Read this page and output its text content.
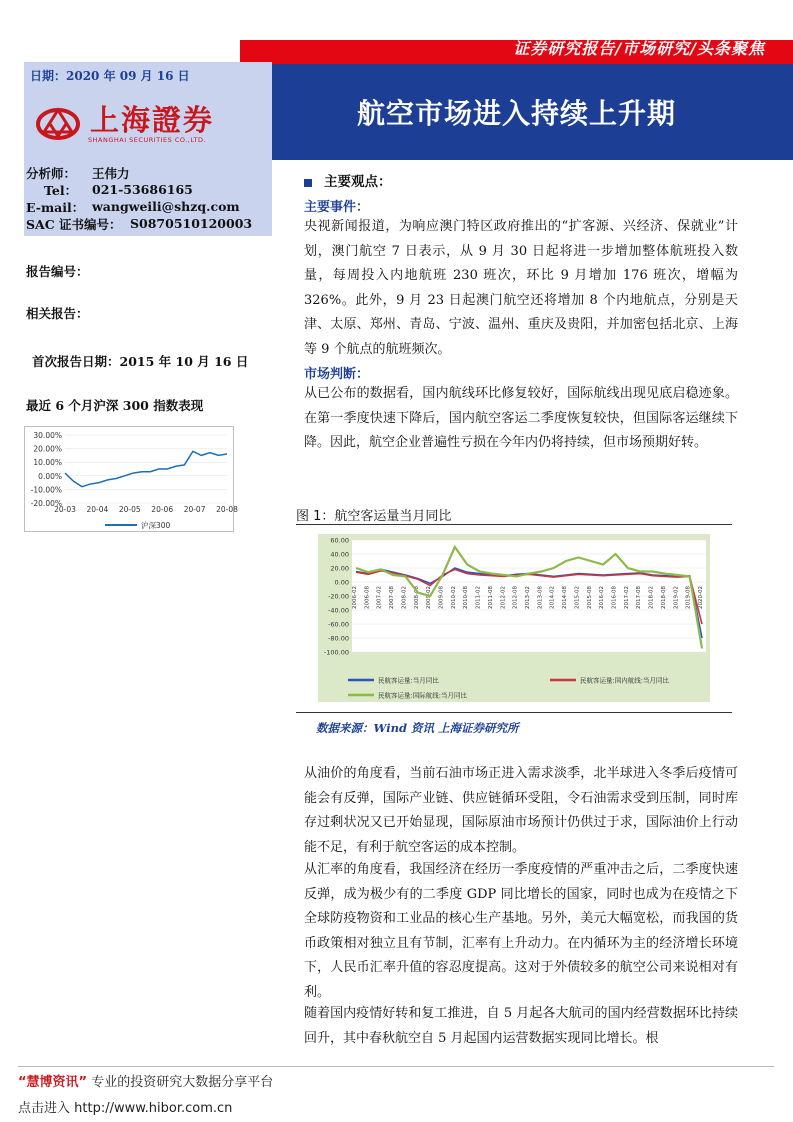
证券研究报告/市场研究/头条聚焦
航空市场进入持续上升期
日期：2020 年 09 月 16 日
上海證券
SHANGHAI SECURITIES CO.,LTD.
分析师：	王伟力
Tel：	021-53686165
E-mail： wangweili@shzq.com
SAC 证书编号： S0870510120003
报告编号：
相关报告：
首次报告日期：2015 年 10 月 16 日
最近 6 个月沪深 300 指数表现
30.00%
20.00%
10.00%
0.00%
-10.00%
-20.00%
20-03 20-04 20-05 20-06 20-07 20-08
沪深300
主要观点：
主要事件：
央视新闻报道，为响应澳门特区政府推出的“扩客源、兴经济、保就业”计划，澳门航空 7 日表示，从 9 月 30 日起将进一步增加整体航班投入数量，每周投入内地航班 230 班次，环比 9 月增加 176 班次，增幅为 326%。此外，9 月 23 日起澳门航空还将增加 8 个内地航点，分别是天津、太原、郑州、青岛、宁波、温州、重庆及贵阳，并加密包括北京、上海等 9 个航点的航班频次。
市场判断：
从已公布的数据看，国内航线环比修复较好，国际航线出现见底启稳迹象。在第一季度快速下降后，国内航空客运二季度恢复较快，但国际客运继续下降。因此，航空企业普遍性亏损在今年内仍将持续，但市场预期好转。
图 1：航空客运量当月同比
60.00
40.00
20.00
0.00
-20.00
-40.00
-60.00
-80.00
-100.00
2006-02 2006-08 2007-02 2007-08 2008-02 2008-08 2009-02 2009-08 2010-02 2010-08 2011-02 2011-08 2012-02 2012-08 2013-02 2013-08 2014-02 2014-08 2015-02 2015-08 2016-02 2016-08 2017-02 2017-08 2018-02 2018-08 2019-02 2019-08 2020-02
民航客运量:当月同比	民航客运量:国内航线:当月同比
民航客运量:国际航线:当月同比
数据来源：Wind 资讯 上海证券研究所
从油价的角度看，当前石油市场正进入需求淡季，北半球进入冬季后疫情可能会有反弹，国际产业链、供应链循环受阻，令石油需求受到压制，同时库存过剩状况又已开始显现，国际原油市场预计仍供过于求，国际油价上行动能不足，有利于航空客运的成本控制。
从汇率的角度看，我国经济在经历一季度疫情的严重冲击之后，二季度快速反弹，成为极少有的二季度 GDP 同比增长的国家，同时也成为在疫情之下全球防疫物资和工业品的核心生产基地。另外，美元大幅宽松，而我国的货币政策相对独立且有节制，汇率有上升动力。在内循环为主的经济增长环境下，人民币汇率升值的容忍度提高。这对于外债较多的航空公司来说相对有利。
随着国内疫情好转和复工推进，自 5 月起各大航司的国内经营数据环比持续回升，其中春秋航空自 5 月起国内运营数据实现同比增长。根
“慧博资讯” 专业的投资研究大数据分享平台
点击进入 http://www.hibor.com.cn
